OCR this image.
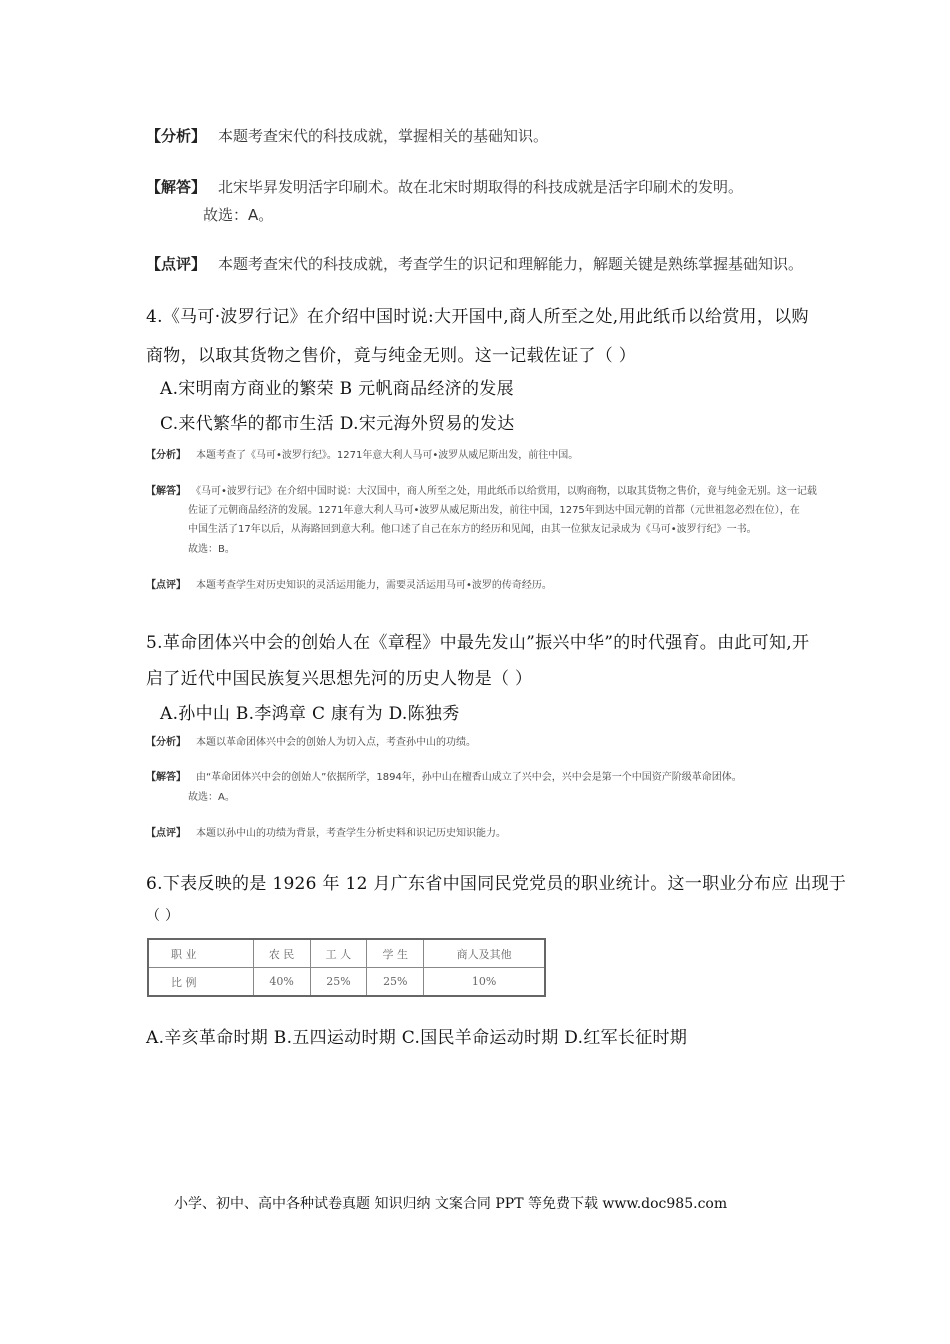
【分析】 本题考查宋代的科技成就，掌握相关的基础知识。
【解答】 北宋毕昇发明活字印刷术。故在北宋时期取得的科技成就是活字印刷术的发明。
故选：A。
【点评】 本题考查宋代的科技成就，考查学生的识记和理解能力，解题关键是熟练掌握基础知识。
4.《马可·波罗行记》在介绍中国时说:大开国中,商人所至之处,用此纸币以给赏用，以购
商物，以取其货物之售价，竟与纯金无则。这一记载佐证了（ ）
A.宋明南方商业的繁荣 B 元帆商品经济的发展
C.来代繁华的都市生活 D.宋元海外贸易的发达
【分析】 本题考查了《马可•波罗行纪》。1271年意大利人马可•波罗从威尼斯出发，前往中国。
【解答】 《马可•波罗行记》在介绍中国时说：大汉国中，商人所至之处，用此纸币以给赏用，以购商物，以取其货物之售价，竟与纯金无别。这一记载
佐证了元朝商品经济的发展。1271年意大利人马可•波罗从威尼斯出发，前往中国，1275年到达中国元朝的首都（元世祖忽必烈在位），在
中国生活了17年以后，从海路回到意大利。他口述了自己在东方的经历和见闻，由其一位狱友记录成为《马可•波罗行纪》一书。
故选：B。
【点评】 本题考查学生对历史知识的灵活运用能力，需要灵活运用马可•波罗的传奇经历。
5.革命团体兴中会的创始人在《章程》中最先发山”振兴中华”的时代强育。由此可知,开
启了近代中国民族复兴思想先河的历史人物是（ ）
A.孙中山 B.李鸿章 C 康有为 D.陈独秀
【分析】 本题以革命团体兴中会的创始人为切入点，考查孙中山的功绩。
【解答】 由“革命团体兴中会的创始人”依据所学，1894年，孙中山在檀香山成立了兴中会，兴中会是第一个中国资产阶级革命团体。
故选：A。
【点评】 本题以孙中山的功绩为背景，考查学生分析史料和识记历史知识能力。
6.下表反映的是 1926 年 12 月广东省中国同民党党员的职业统计。这一职业分布应 出现于
（ ）
职 业	农 民	工 人	学 生	商人及其他
比 例	40%	25%	25%	10%
A.辛亥革命时期 B.五四运动时期 C.国民羊命运动时期 D.红军长征时期
小学、初中、高中各种试卷真题 知识归纳 文案合同 PPT 等免费下载 www.doc985.com
